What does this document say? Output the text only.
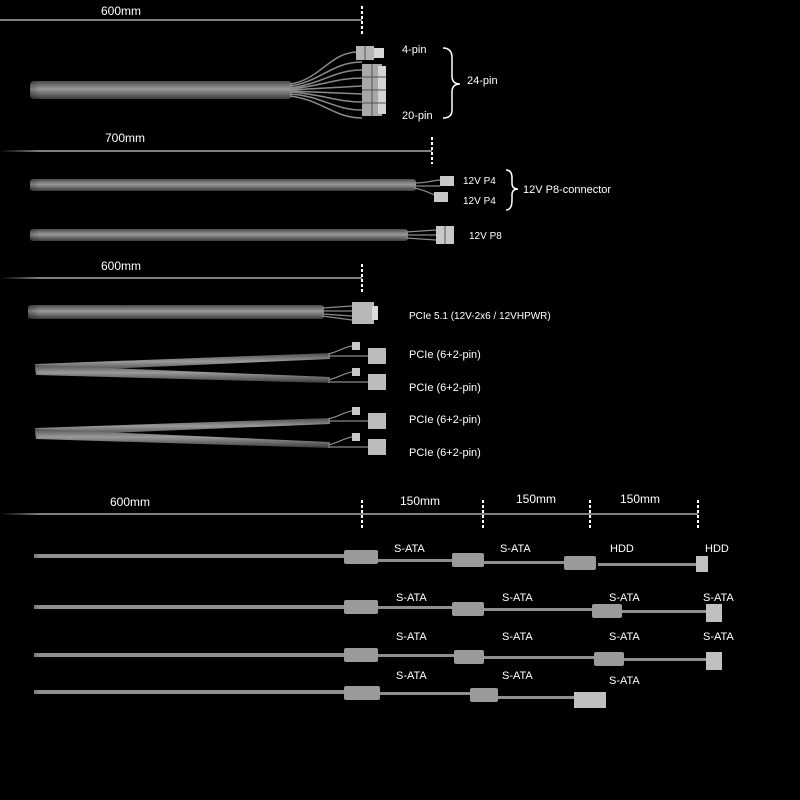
600mm
700mm
600mm
600mm	150mm	150mm	150mm
4-pin
20-pin
24-pin
12V P4
12V P4
12V P8-connector
12V P8
PCIe 5.1 (12V-2x6 / 12VHPWR)
PCIe (6+2-pin)
PCIe (6+2-pin)
PCIe (6+2-pin)
PCIe (6+2-pin)
S-ATA	S-ATA	HDD	HDD
S-ATA	S-ATA	S-ATA	S-ATA
S-ATA	S-ATA	S-ATA	S-ATA
S-ATA	S-ATA	S-ATA
